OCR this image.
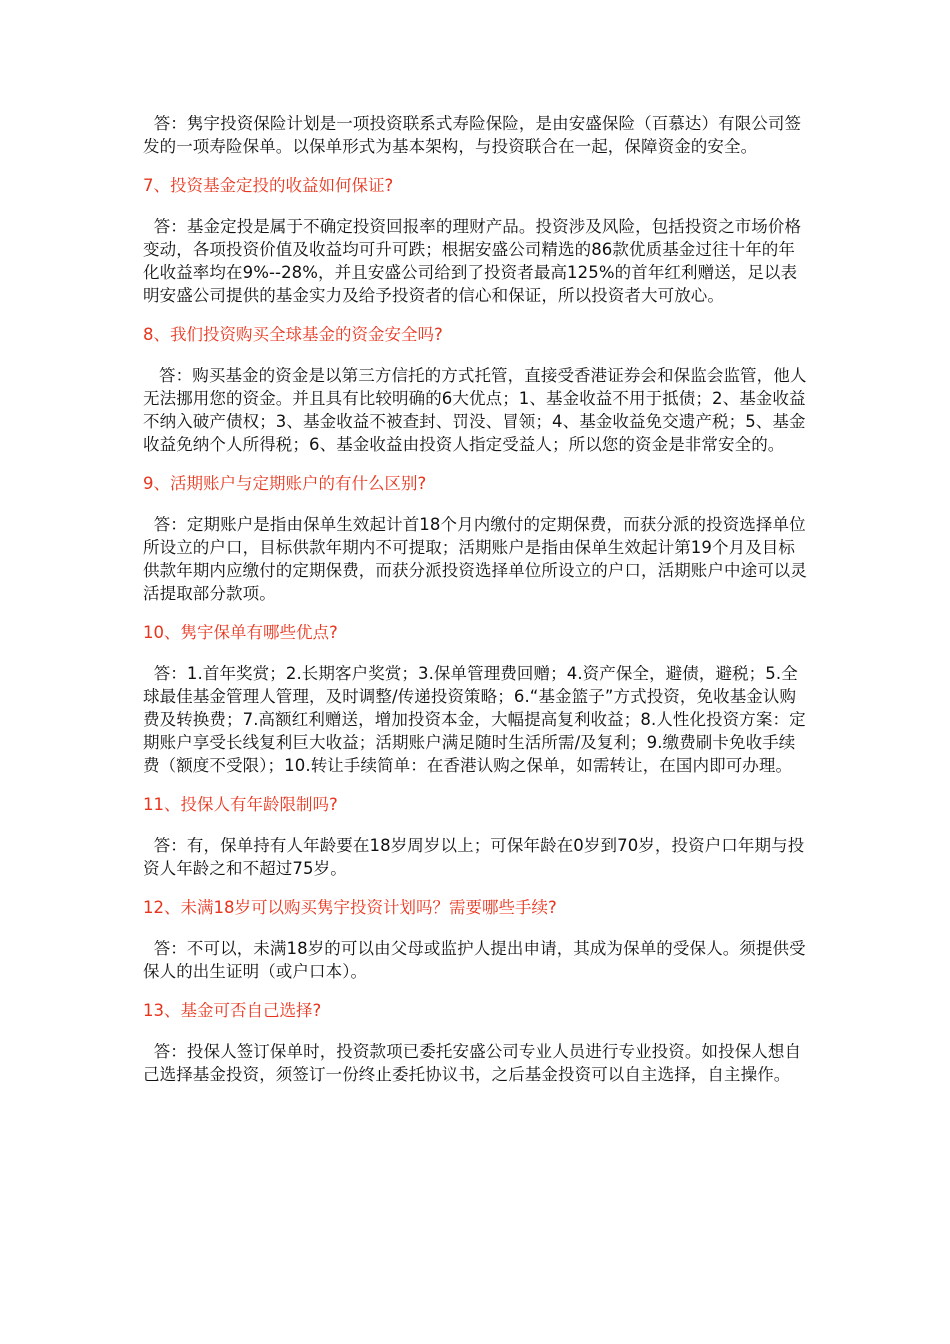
答：隽宇投资保险计划是一项投资联系式寿险保险，是由安盛保险（百慕达）有限公司签发的一项寿险保单。以保单形式为基本架构，与投资联合在一起，保障资金的安全。

7、投资基金定投的收益如何保证?

答：基金定投是属于不确定投资回报率的理财产品。投资涉及风险，包括投资之市场价格变动，各项投资价值及收益均可升可跌；根据安盛公司精选的86款优质基金过往十年的年化收益率均在9%--28%，并且安盛公司给到了投资者最高125%的首年红利赠送，足以表明安盛公司提供的基金实力及给予投资者的信心和保证，所以投资者大可放心。

8、我们投资购买全球基金的资金安全吗?

答：购买基金的资金是以第三方信托的方式托管，直接受香港证券会和保监会监管，他人无法挪用您的资金。并且具有比较明确的6大优点；1、基金收益不用于抵债；2、基金收益不纳入破产债权；3、基金收益不被查封、罚没、冒领；4、基金收益免交遗产税；5、基金收益免纳个人所得税；6、基金收益由投资人指定受益人；所以您的资金是非常安全的。

9、活期账户与定期账户的有什么区别?

答：定期账户是指由保单生效起计首18个月内缴付的定期保费，而获分派的投资选择单位所设立的户口，目标供款年期内不可提取；活期账户是指由保单生效起计第19个月及目标供款年期内应缴付的定期保费，而获分派投资选择单位所设立的户口，活期账户中途可以灵活提取部分款项。

10、隽宇保单有哪些优点?

答：1.首年奖赏；2.长期客户奖赏；3.保单管理费回赠；4.资产保全，避债，避税；5.全球最佳基金管理人管理，及时调整/传递投资策略；6.“基金篮子”方式投资，免收基金认购费及转换费；7.高额红利赠送，增加投资本金，大幅提高复利收益；8.人性化投资方案：定期账户享受长线复利巨大收益；活期账户满足随时生活所需/及复利；9.缴费刷卡免收手续费（额度不受限）；10.转让手续简单：在香港认购之保单，如需转让，在国内即可办理。

11、投保人有年龄限制吗?

答：有，保单持有人年龄要在18岁周岁以上；可保年龄在0岁到70岁，投资户口年期与投资人年龄之和不超过75岁。

12、未满18岁可以购买隽宇投资计划吗？需要哪些手续?

答：不可以，未满18岁的可以由父母或监护人提出申请，其成为保单的受保人。须提供受保人的出生证明（或户口本）。

13、基金可否自己选择?

答：投保人签订保单时，投资款项已委托安盛公司专业人员进行专业投资。如投保人想自己选择基金投资，须签订一份终止委托协议书，之后基金投资可以自主选择，自主操作。
